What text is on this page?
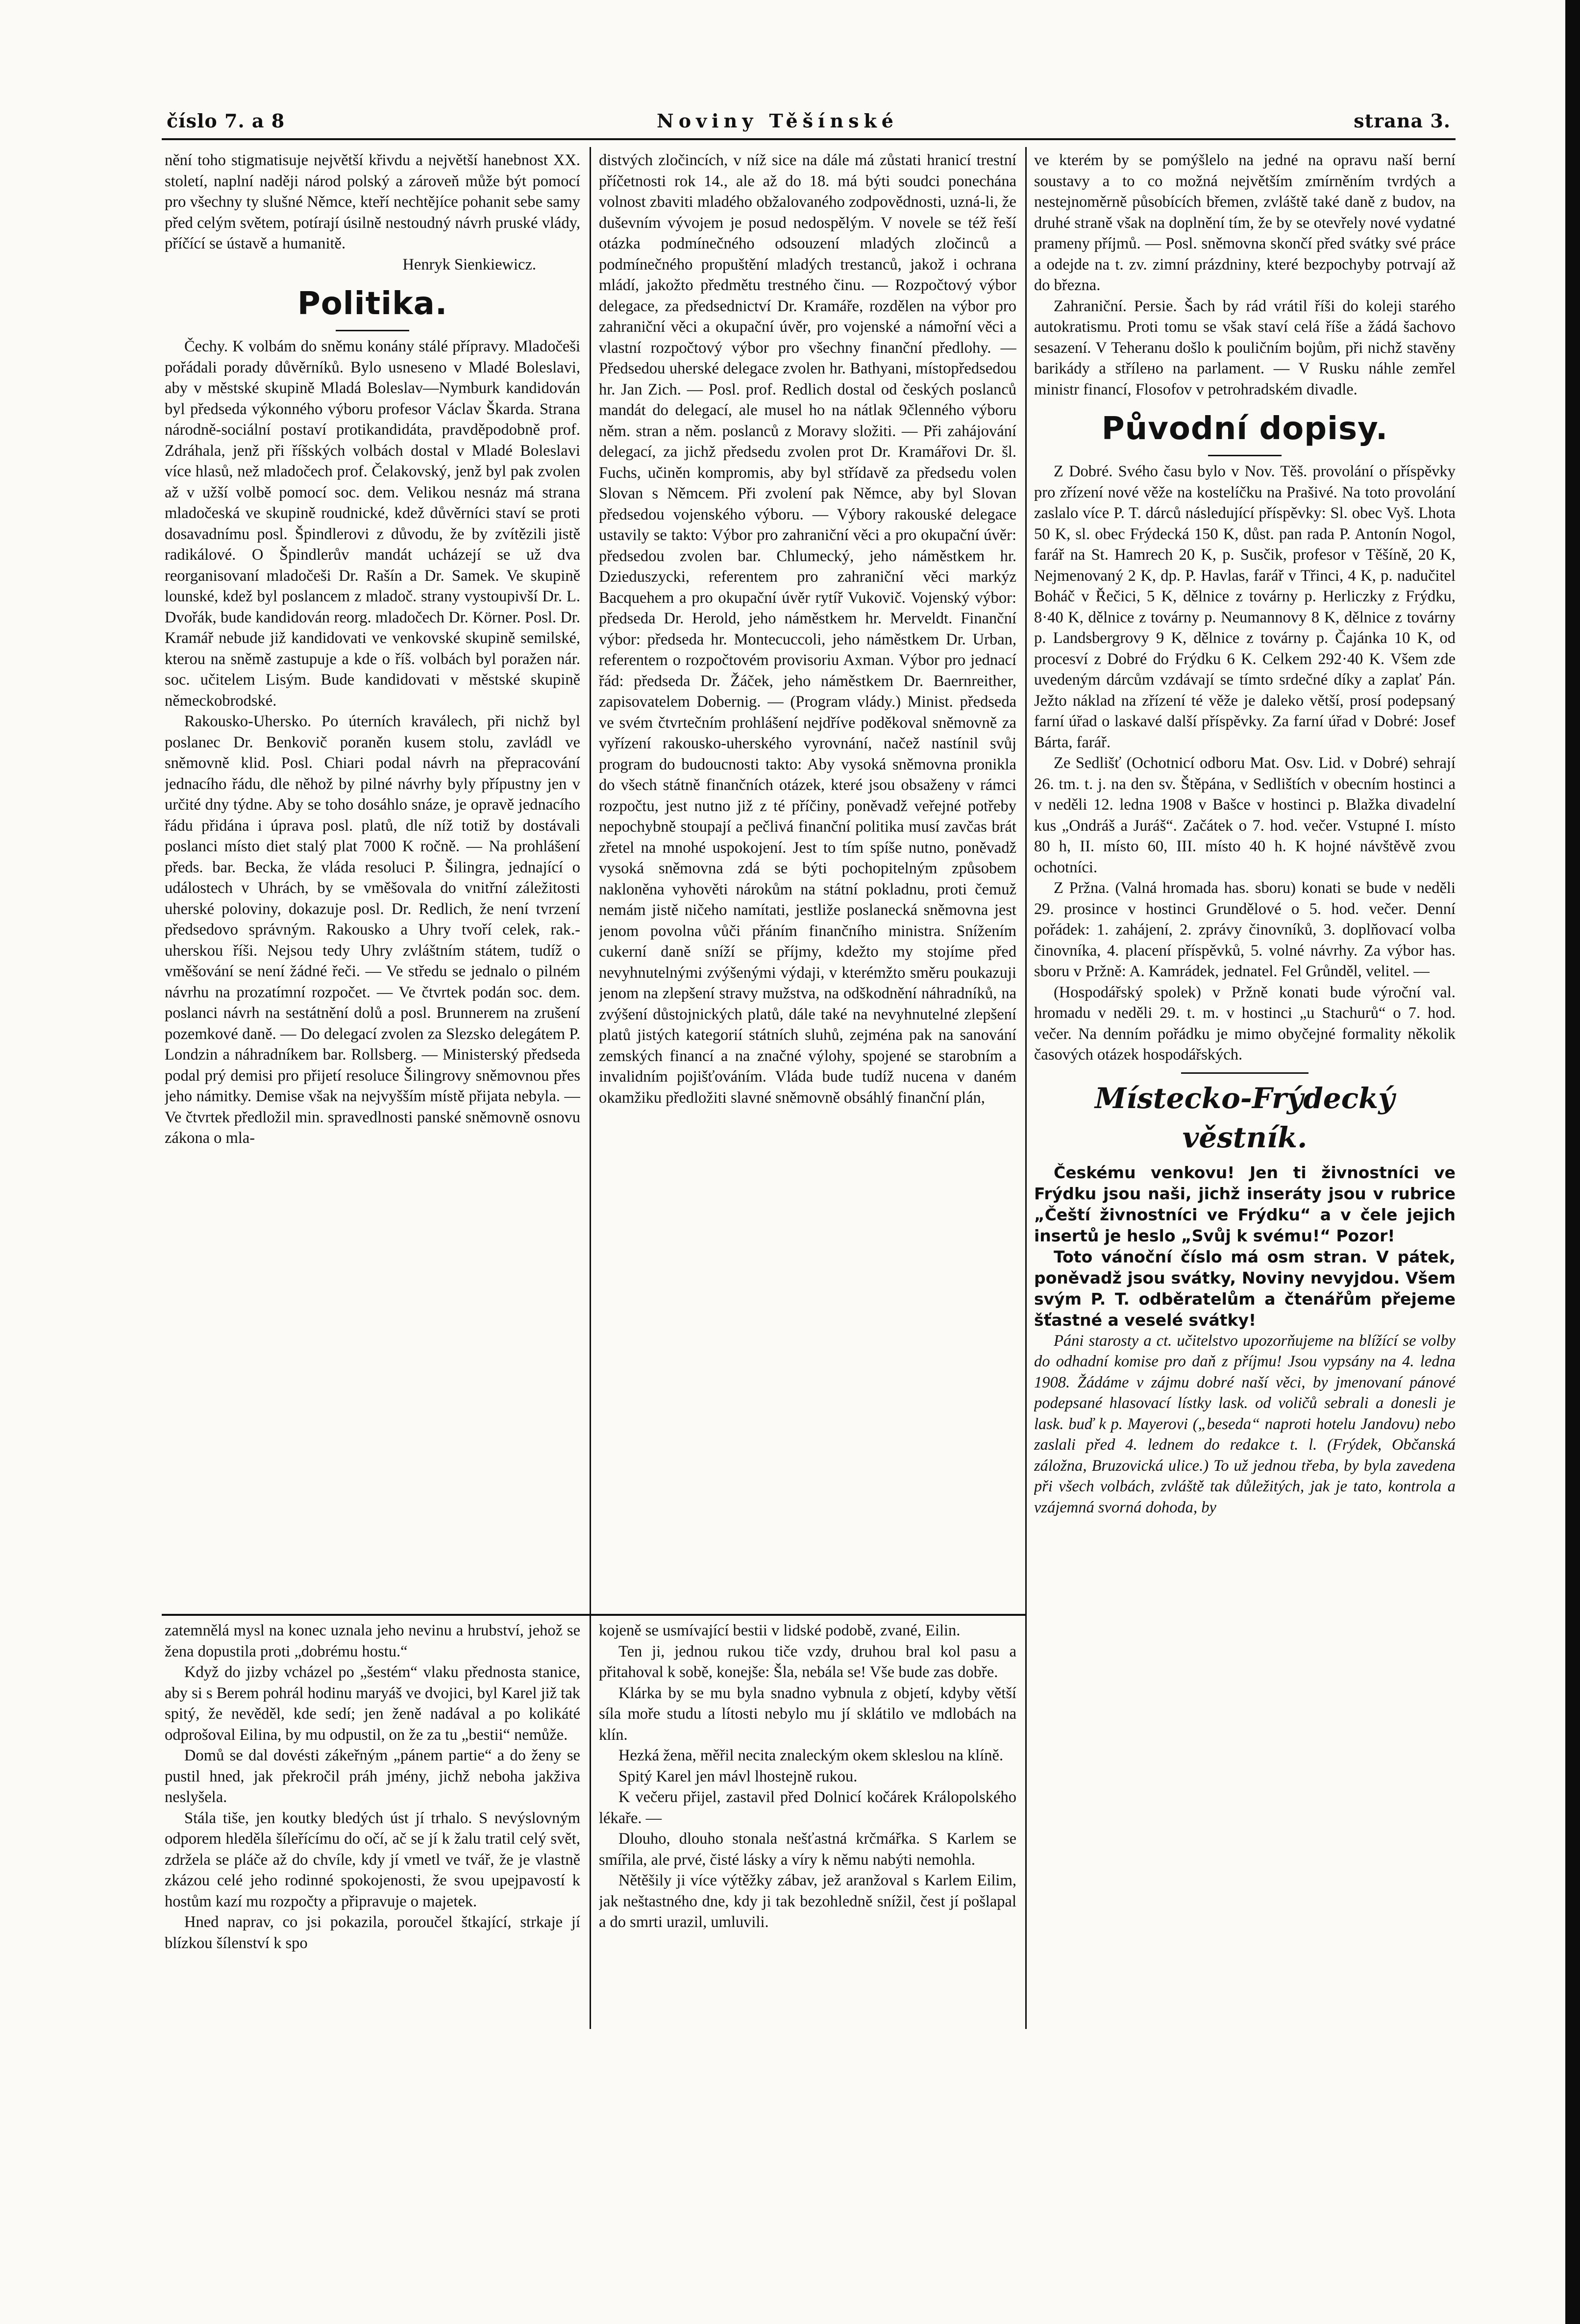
číslo 7. a 8	Noviny Těšínské	strana 3.

nění toho stigmatisuje největší křivdu a největší hanebnost XX. století, naplní naději národ polský a zároveň může být pomocí pro všechny ty slušné Němce, kteří nechtějíce pohanit sebe samy před celým světem, potírají úsilně nestoudný návrh pruské vlády, příčící se ústavě a humanitě.

Henryk Sienkiewicz.

Politika.

Čechy. K volbám do sněmu konány stálé přípravy. Mladočeši pořádali porady důvěrníků. Bylo usneseno v Mladé Boleslavi, aby v městské skupině Mladá Boleslav—Nymburk kandidován byl předseda výkonného výboru profesor Václav Škarda. Strana národně-sociální postaví protikandidáta, pravděpodobně prof. Zdráhala, jenž při říšských volbách dostal v Mladé Boleslavi více hlasů, než mladočech prof. Čelakovský, jenž byl pak zvolen až v užší volbě pomocí soc. dem. Velikou nesnáz má strana mladočeská ve skupině roudnické, kdež důvěrníci staví se proti dosavadnímu posl. Špindlerovi z důvodu, že by zvítězili jistě radikálové. O Špindlerův mandát ucházejí se už dva reorganisovaní mladočeši Dr. Rašín a Dr. Samek. Ve skupině lounské, kdež byl poslancem z mladoč. strany vystoupivší Dr. L. Dvořák, bude kandidován reorg. mladočech Dr. Körner. Posl. Dr. Kramář nebude již kandidovati ve venkovské skupině semilské, kterou na sněmě zastupuje a kde o říš. volbách byl poražen nár. soc. učitelem Lisým. Bude kandidovati v městské skupině německobrodské.

Rakousko-Uhersko. Po úterních kraválech, při nichž byl poslanec Dr. Benkovič poraněn kusem stolu, zavládl ve sněmovně klid. Posl. Chiari podal návrh na přepracování jednacího řádu, dle něhož by pilné návrhy byly přípustny jen v určité dny týdne. Aby se toho dosáhlo snáze, je opravě jednacího řádu přidána i úprava posl. platů, dle níž totiž by dostávali poslanci místo diet stalý plat 7000 K ročně. — Na prohlášení předs. bar. Becka, že vláda resoluci P. Šilingra, jednající o událostech v Uhrách, by se vměšovala do vnitřní záležitosti uherské poloviny, dokazuje posl. Dr. Redlich, že není tvrzení předsedovo správným. Rakousko a Uhry tvoří celek, rak.-uherskou říši. Nejsou tedy Uhry zvláštním státem, tudíž o vměšování se není žádné řeči. — Ve středu se jednalo o pilném návrhu na prozatímní rozpočet. — Ve čtvrtek podán soc. dem. poslanci návrh na sestátnění dolů a posl. Brunnerem na zrušení pozemkové daně. — Do delegací zvolen za Slezsko delegátem P. Londzin a náhradníkem bar. Rollsberg. — Ministerský předseda podal prý demisi pro přijetí resoluce Šilingrovy sněmovnou přes jeho námitky. Demise však na nejvyšším místě přijata nebyla. — Ve čtvrtek předložil min. spravedlnosti panské sněmovně osnovu zákona o mla-

distvých zločincích, v níž sice na dále má zůstati hranicí trestní příčetnosti rok 14., ale až do 18. má býti soudci ponechána volnost zbaviti mladého obžalovaného zodpovědnosti, uzná-li, že duševním vývojem je posud nedospělým. V novele se též řeší otázka podmínečného odsouzení mladých zločinců a podmínečného propuštění mladých trestanců, jakož i ochrana mládí, jakožto předmětu trestného činu. — Rozpočtový výbor delegace, za předsednictví Dr. Kramáře, rozdělen na výbor pro zahraniční věci a okupační úvěr, pro vojenské a námořní věci a vlastní rozpočtový výbor pro všechny finanční předlohy. — Předsedou uherské delegace zvolen hr. Bathyani, místopředsedou hr. Jan Zich. — Posl. prof. Redlich dostal od českých poslanců mandát do delegací, ale musel ho na nátlak 9členného výboru něm. stran a něm. poslanců z Moravy složiti. — Při zahájování delegací, za jichž předsedu zvolen prot Dr. Kramářovi Dr. šl. Fuchs, učiněn kompromis, aby byl střídavě za předsedu volen Slovan s Němcem. Při zvolení pak Němce, aby byl Slovan předsedou vojenského výboru. — Výbory rakouské delegace ustavily se takto: Výbor pro zahraniční věci a pro okupační úvěr: předsedou zvolen bar. Chlumecký, jeho náměstkem hr. Dzieduszycki, referentem pro zahraniční věci markýz Bacquehem a pro okupační úvěr rytíř Vukovič. Vojenský výbor: předseda Dr. Herold, jeho náměstkem hr. Merveldt. Finanční výbor: předseda hr. Montecuccoli, jeho náměstkem Dr. Urban, referentem o rozpočtovém provisoriu Axman. Výbor pro jednací řád: předseda Dr. Žáček, jeho náměstkem Dr. Baernreither, zapisovatelem Dobernig. — (Program vlády.) Minist. předseda ve svém čtvrtečním prohlášení nejdříve poděkoval sněmovně za vyřízení rakousko-uherského vyrovnání, načež nastínil svůj program do budoucnosti takto: Aby vysoká sněmovna pronikla do všech státně finančních otázek, které jsou obsaženy v rámci rozpočtu, jest nutno již z té příčiny, poněvadž veřejné potřeby nepochybně stoupají a pečlivá finanční politika musí zavčas brát zřetel na mnohé uspokojení. Jest to tím spíše nutno, poněvadž vysoká sněmovna zdá se býti pochopitelným způsobem nakloněna vyhověti nárokům na státní pokladnu, proti čemuž nemám jistě ničeho namítati, jestliže poslanecká sněmovna jest jenom povolna vůči přáním finančního ministra. Snížením cukerní daně sníží se příjmy, kdežto my stojíme před nevyhnutelnými zvýšenými výdaji, v kterémžto směru poukazuji jenom na zlepšení stravy mužstva, na odškodnění náhradníků, na zvýšení důstojnických platů, dále také na nevyhnutelné zlepšení platů jistých kategorií státních sluhů, zejména pak na sanování zemských financí a na značné výlohy, spojené se starobním a invalidním pojišťováním. Vláda bude tudíž nucena v daném okamžiku předložiti slavné sněmovně obsáhlý finanční plán,

ve kterém by se pomýšlelo na jedné na opravu naší berní soustavy a to co možná největším zmírněním tvrdých a nestejnoměrně působících břemen, zvláště také daně z budov, na druhé straně však na doplnění tím, že by se otevřely nové vydatné prameny příjmů. — Posl. sněmovna skončí před svátky své práce a odejde na t. zv. zimní prázdniny, které bezpochyby potrvají až do března.

Zahraniční. Persie. Šach by rád vrátil říši do koleji starého autokratismu. Proti tomu se však staví celá říše a žádá šachovo sesazení. V Teheranu došlo k pouličním bojům, při nichž stavěny barikády a střílено na parlament. — V Rusku náhle zemřel ministr financí, Flosofov v petrohradském divadle.

Původní dopisy.

Z Dobré. Svého času bylo v Nov. Těš. provolání o příspěvky pro zřízení nové věže na kostelíčku na Prašivé. Na toto provolání zaslalo více P. T. dárců následující příspěvky: Sl. obec Vyš. Lhota 50 K, sl. obec Frýdecká 150 K, důst. pan rada P. Antonín Nogol, farář na St. Hamrech 20 K, p. Susčik, profesor v Těšíně, 20 K, Nejmenovaný 2 K, dp. P. Havlas, farář v Třinci, 4 K, p. nadučitel Boháč v Řečici, 5 K, dělnice z továrny p. Herliczky z Frýdku, 8·40 K, dělnice z továrny p. Neumannovy 8 K, dělnice z továrny p. Landsbergrovy 9 K, dělnice z továrny p. Čajánka 10 K, od procesví z Dobré do Frýdku 6 K. Celkem 292·40 K. Všem zde uvedeným dárcům vzdávají se tímto srdečné díky a zaplať Pán. Ježto náklad na zřízení té věže je daleko větší, prosí podepsaný farní úřad o laskavé další příspěvky. Za farní úřad v Dobré: Josef Bárta, farář.

Ze Sedlišť (Ochotnicí odboru Mat. Osv. Lid. v Dobré) sehrají 26. tm. t. j. na den sv. Štěpána, v Sedlištích v obecním hostinci a v neděli 12. ledna 1908 v Bašce v hostinci p. Blažka divadelní kus „Ondráš a Juráš“. Začátek o 7. hod. večer. Vstupné I. místo 80 h, II. místo 60, III. místo 40 h. K hojné návštěvě zvou ochotníci.

Z Pržna. (Valná hromada has. sboru) konati se bude v neděli 29. prosince v hostinci Grundělové o 5. hod. večer. Denní pořádek: 1. zahájení, 2. zprávy činovníků, 3. doplňovací volba činovníka, 4. placení příspěvků, 5. volné návrhy. Za výbor has. sboru v Pržně: A. Kamrádek, jednatel. Fel Grůnděl, velitel. —

(Hospodářský spolek) v Pržně konati bude výroční val. hromadu v neděli 29. t. m. v hostinci „u Stachurů“ o 7. hod. večer. Na denním pořádku je mimo obyčejné formality několik časových otázek hospodářských.

Místecko-Frýdecký věstník.

Českému venkovu! Jen ti živnostníci ve Frýdku jsou naši, jichž inseráty jsou v rubrice „Čeští živnostníci ve Frýdku“ a v čele jejich insertů je heslo „Svůj k svému!“ Pozor!

Toto vánoční číslo má osm stran. V pátek, poněvadž jsou svátky, Noviny nevyjdou. Všem svým P. T. odběratelům a čtenářům přejeme šťastné a veselé svátky!

Páni starosty a ct. učitelstvo upozorňujeme na blížící se volby do odhadní komise pro daň z příjmu! Jsou vypsány na 4. ledna 1908. Žádáme v zájmu dobré naší věci, by jmenovaní pánové podepsané hlasovací lístky lask. od voličů sebrali a donesli je lask. buď k p. Mayerovi („beseda“ naproti hotelu Jandovu) nebo zaslali před 4. lednem do redakce t. l. (Frýdek, Občanská záložna, Bruzovická ulice.) To už jednou třeba, by byla zavedena při všech volbách, zvláště tak důležitých, jak je tato, kontrola a vzájemná svorná dohoda, by

zatemnělá mysl na konec uznala jeho nevinu a hrubství, jehož se žena dopustila proti „dobrému hostu.“

Když do jizby vcházel po „šestém“ vlaku přednosta stanice, aby si s Berem pohrál hodinu maryáš ve dvojici, byl Karel již tak spitý, že nevěděl, kde sedí; jen ženě nadával a po kolikáté odprošoval Eilina, by mu odpustil, on že za tu „bestii“ nemůže.

Domů se dal dovésti zákeřným „pánem partie“ a do ženy se pustil hned, jak překročil práh jmény, jichž neboha jakživa neslyšela.

Stála tiše, jen koutky bledých úst jí trhalo. S nevýslovným odporem hleděla šíleřícímu do očí, ač se jí k žalu tratil celý svět, zdržela se pláče až do chvíle, kdy jí vmetl ve tvář, že je vlastně zkázou celé jeho rodinné spokojenosti, že svou upejpavostí k hostům kazí mu rozpočty a připravuje o majetek.

Hned naprav, co jsi pokazila, poroučel štkající, strkaje jí blízkou šílenství k spo

kojeně se usmívající bestii v lidské podobě, zvané, Eilin.

Ten ji, jednou rukou tiče vzdy, druhou bral kol pasu a přitahoval k sobě, konejše: Šla, nebála se! Vše bude zas dobře.

Klárka by se mu byla snadno vybnula z objetí, kdyby větší síla moře studu a lítosti nebylo mu jí sklátilo ve mdlobách na klín.

Hezká žena, měřil necita znaleckým okem skleslou na klíně.

Spitý Karel jen mávl lhostejně rukou.

K večeru přijel, zastavil před Dolnicí kočárek Králopolského lékaře. —

Dlouho, dlouho stonala nešťastná krčmářka. S Karlem se smířila, ale prvé, čisté lásky a víry k němu nabýti nemohla.

Nětěšily ji více výtěžky zábav, jež aranžoval s Karlem Eilim, jak neštastného dne, kdy ji tak bezohledně snížil, čest jí pošlapal a do smrti urazil, umluvili.
